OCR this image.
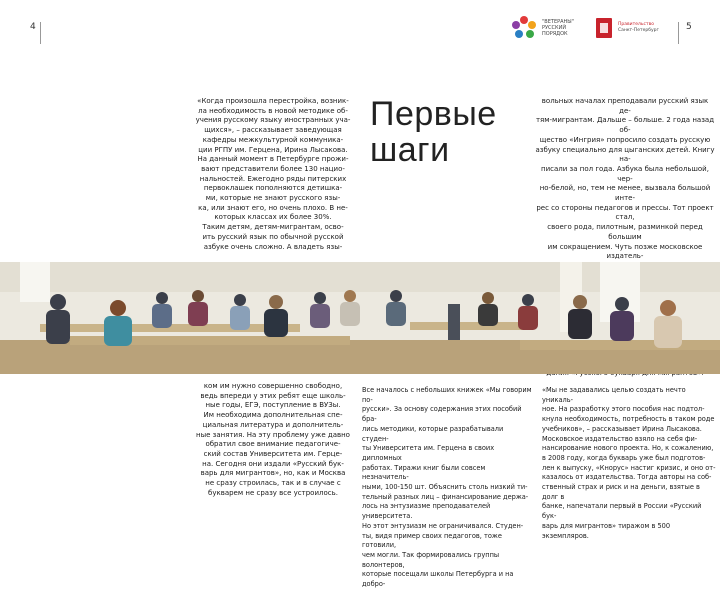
4	"ВЕТЕРАНЫ"
РУССКИЙ
ПОРЯДОК
Правительство
Санкт-Петербург	5

«Когда произошла перестройка, возник-

ла необходимость в новой методике об-

учения русскому языку иностранных уча-

щихся», – рассказывает заведующая

кафедры межкультурной коммуника-

ции РГПУ им. Герцена, Ирина Лысакова.

На данный момент в Петербурге прожи-

вают представители более 130 нацио-

нальностей. Ежегодно ряды питерских

первоклашек пополняются детишка-

ми, которые не знают русского язы-

ка, или знают его, но очень плохо. В не-

которых классах их более 30%.

Таким детям, детям-мигрантам, осво-

ить русский язык по обычной русской

азбуке очень сложно. А владеть язы-

Первые
шаги

вольных началах преподавали русский язык де-

тям-мигрантам. Дальше – больше. 2 года назад об-

щество «Ингрия» попросило создать русскую

азбуку специально для цыганских детей. Книгу на-

писали за пол года. Азбука была небольшой, чер-

но-белой, но, тем не менее, вызвала большой инте-

рес со стороны педагогов и прессы. Тот проект стал,

своего рода, пилотным, разминкой перед большим

им сокращением. Чуть позже московское издатель-

ком им нужно совершенно свободно,

ведь впереди у этих ребят еще школь-

ные годы, ЕГЭ, поступление в ВУЗы.

Им необходима дополнительная спе-

циальная литература и дополнитель-

ные занятия. На эту проблему уже давно

обратил свое внимание педагогиче-

ский состав Университета им. Герце-

на. Сегодня они издали «Русский бук-

варь для мигрантов», но, как и Москва

не сразу строилась, так и в случае с

букварем не сразу все устроилось.

Все началось с небольших книжек «Мы говорим по-

русски». За основу содержания этих пособий бра-

лись методики, которые разрабатывали студен-

ты Университета им. Герцена в своих дипломных

работах. Тиражи книг были совсем незначитель-

ными, 100-150 шт. Объяснить столь низкий ти-

тельный разных лиц – финансирование держа-

лось на энтузиазме преподавателей университета.

Но этот энтузиазм не ограничивался. Студен-

ты, видя пример своих педагогов, тоже готовили,

чем могли. Так формировались группы волонтеров,

которые посещали школы Петербурга и на добро-

«Мы не задавались целью создать нечто уникаль-

ное. На разработку этого пособия нас подтол-

кнула необходимость, потребность в таком роде

учебников», – рассказывает Ирина Лысакова.

Московское издательство взяло на себя фи-

нансирование нового проекта. Но, к сожалению,

в 2008 году, когда букварь уже был подготов-

лен к выпуску, «Кнорус» настиг кризис, и оно от-

казалось от издательства. Тогда авторы на соб-

ственный страх и риск и на деньги, взятые в долг в

банке, напечатали первый в России «Русский бук-

варь для мигрантов» тиражом в 500 экземпляров.
